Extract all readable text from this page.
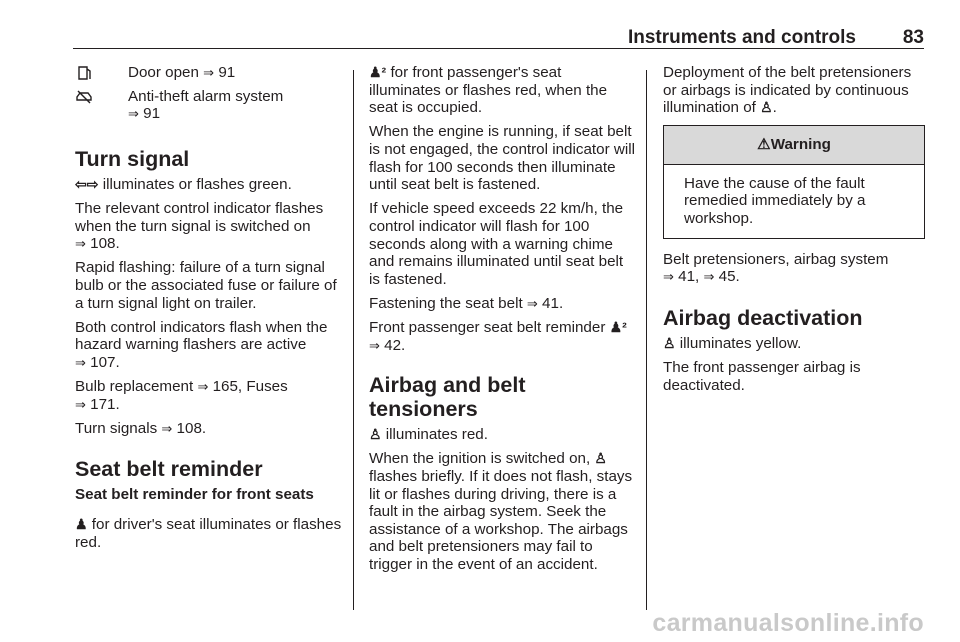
Instruments and controls 83
Door open ⇒ 91
Anti-theft alarm system
⇒ 91
Turn signal

⇦⇨ illuminates or flashes green.

The relevant control indicator flashes when the turn signal is switched on
⇒ 108.

Rapid flashing: failure of a turn signal bulb or the associated fuse or failure of a turn signal light on trailer.

Both control indicators flash when the hazard warning flashers are active
⇒ 107.

Bulb replacement ⇒ 165, Fuses
⇒ 171.

Turn signals ⇒ 108.

Seat belt reminder
Seat belt reminder for front seats

♟ for driver's seat illuminates or flashes red.

♟² for front passenger's seat illuminates or flashes red, when the seat is occupied.

When the engine is running, if seat belt is not engaged, the control indicator will flash for 100 seconds then illuminate until seat belt is fastened.

If vehicle speed exceeds 22 km/h, the control indicator will flash for 100 seconds along with a warning chime and remains illuminated until seat belt is fastened.

Fastening the seat belt ⇒ 41.

Front passenger seat belt reminder ♟²
⇒ 42.

Airbag and belt tensioners

♙ illuminates red.

When the ignition is switched on, ♙ flashes briefly. If it does not flash, stays lit or flashes during driving, there is a fault in the airbag system. Seek the assistance of a workshop. The airbags and belt pretensioners may fail to trigger in the event of an accident.

Deployment of the belt pretensioners or airbags is indicated by continuous illumination of ♙.

⚠Warning
Have the cause of the fault remedied immediately by a workshop.

Belt pretensioners, airbag system
⇒ 41, ⇒ 45.

Airbag deactivation

♙ illuminates yellow.

The front passenger airbag is deactivated.

carmanualsonline.info
